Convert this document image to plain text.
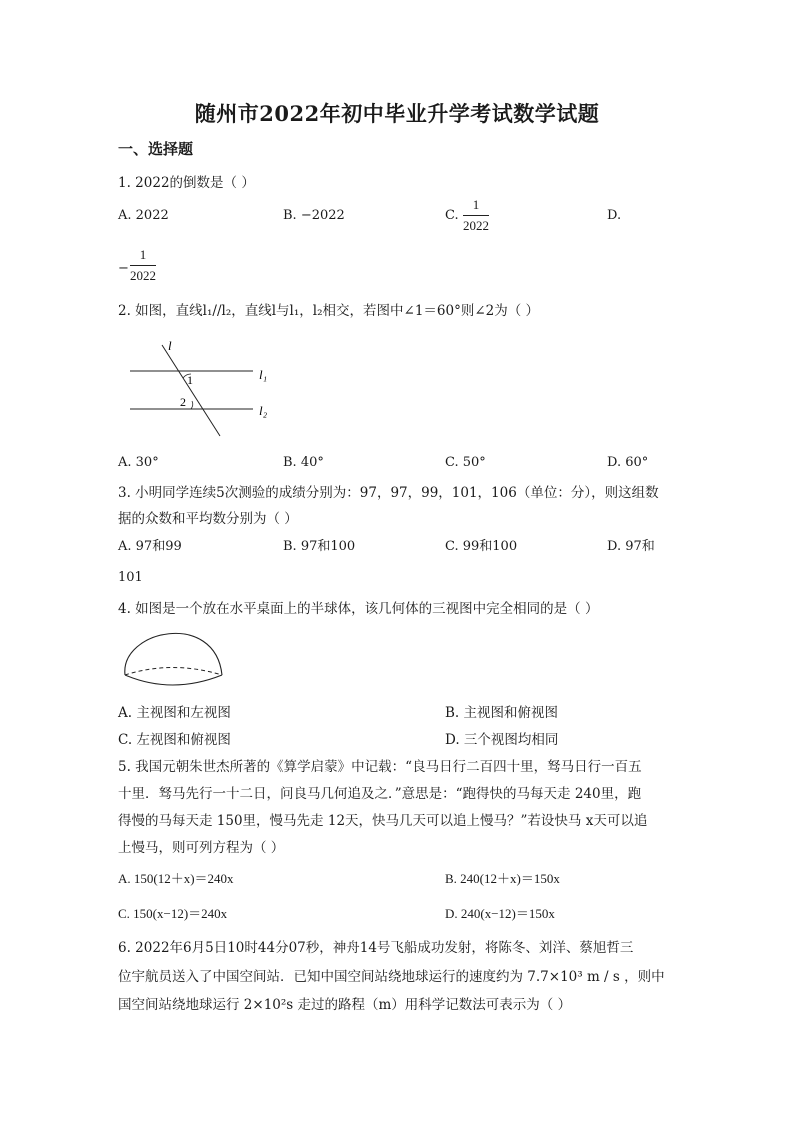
随州市2022年初中毕业升学考试数学试题
一、选择题
1. 2022的倒数是（ ）
A. 2022	B. −2022	C. $\frac{1}{2022}$	D.
− $\frac{1}{2022}$
2. 如图，直线l₁//l₂，直线l与l₁，l₂相交，若图中∠1＝60°则∠2为（ ）
l
l₁
l₂
1
2
A. 30°	B. 40°	C. 50°	D. 60°
3. 小明同学连续5次测验的成绩分别为：97，97，99，101，106（单位：分），则这组数
据的众数和平均数分别为（ ）
A. 97和99	B. 97和100	C. 99和100	D. 97和
101
4. 如图是一个放在水平桌面上的半球体，该几何体的三视图中完全相同的是（ ）
A. 主视图和左视图	B. 主视图和俯视图
C. 左视图和俯视图	D. 三个视图均相同
5. 我国元朝朱世杰所著的《算学启蒙》中记载：“良马日行二百四十里，驽马日行一百五
十里．驽马先行一十二日，问良马几何追及之．”意思是：“跑得快的马每天走 240里，跑
得慢的马每天走 150里，慢马先走 12天，快马几天可以追上慢马？”若设快马 x天可以追
上慢马，则可列方程为（ ）
A. 150(12＋x)＝240x	B. 240(12＋x)＝150x
C. 150(x−12)＝240x	D. 240(x−12)＝150x
6. 2022年6月5日10时44分07秒，神舟14号飞船成功发射，将陈冬、刘洋、蔡旭哲三
位宇航员送入了中国空间站．已知中国空间站绕地球运行的速度约为 7.7×10³ m / s ，则中
国空间站绕地球运行 2×10²s 走过的路程（m）用科学记数法可表示为（ ）
